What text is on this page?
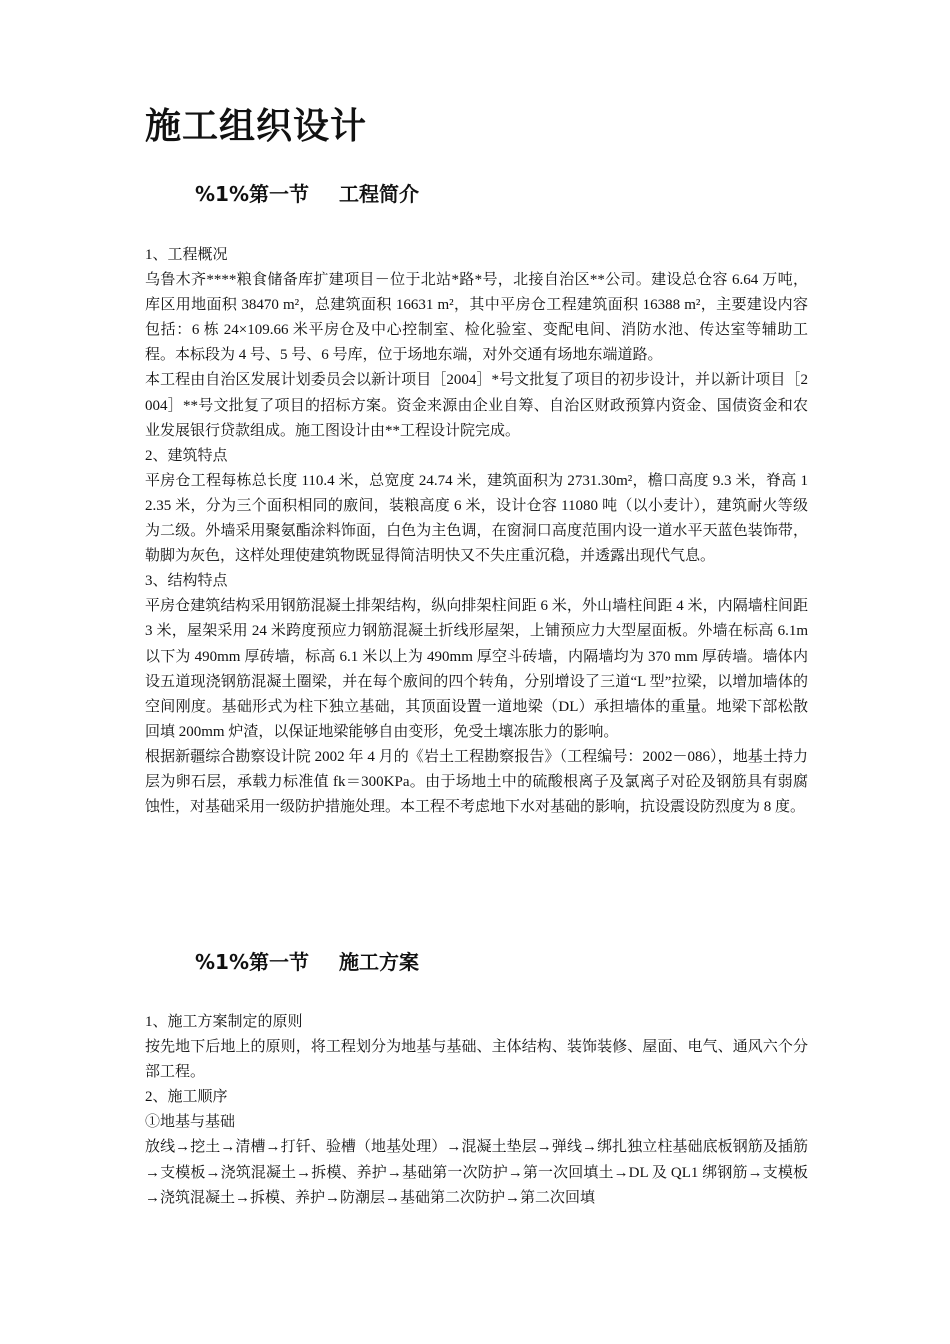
施工组织设计
%1%第一节 工程简介

1、工程概况

乌鲁木齐****粮食储备库扩建项目－位于北站*路*号，北接自治区**公司。建设总仓容 6.64 万吨，库区用地面积 38470 m²，总建筑面积 16631 m²，其中平房仓工程建筑面积 16388 m²，主要建设内容包括：6 栋 24×109.66 米平房仓及中心控制室、检化验室、变配电间、消防水池、传达室等辅助工程。本标段为 4 号、5 号、6 号库，位于场地东端，对外交通有场地东端道路。

本工程由自治区发展计划委员会以新计项目［2004］*号文批复了项目的初步设计，并以新计项目［2004］**号文批复了项目的招标方案。资金来源由企业自筹、自治区财政预算内资金、国债资金和农业发展银行贷款组成。施工图设计由**工程设计院完成。

2、建筑特点

平房仓工程每栋总长度 110.4 米，总宽度 24.74 米，建筑面积为 2731.30m²，檐口高度 9.3 米，脊高 12.35 米，分为三个面积相同的廒间，装粮高度 6 米，设计仓容 11080 吨（以小麦计），建筑耐火等级为二级。外墙采用聚氨酯涂料饰面，白色为主色调，在窗洞口高度范围内设一道水平天蓝色装饰带，勒脚为灰色，这样处理使建筑物既显得简洁明快又不失庄重沉稳，并透露出现代气息。

3、结构特点

平房仓建筑结构采用钢筋混凝土排架结构，纵向排架柱间距 6 米，外山墙柱间距 4 米，内隔墙柱间距 3 米，屋架采用 24 米跨度预应力钢筋混凝土折线形屋架，上铺预应力大型屋面板。外墙在标高 6.1m 以下为 490mm 厚砖墙，标高 6.1 米以上为 490mm 厚空斗砖墙，内隔墙均为 370 mm 厚砖墙。墙体内设五道现浇钢筋混凝土圈梁，并在每个廒间的四个转角，分别增设了三道“L 型”拉梁，以增加墙体的空间刚度。基础形式为柱下独立基础，其顶面设置一道地梁（DL）承担墙体的重量。地梁下部松散回填 200mm 炉渣，以保证地梁能够自由变形，免受土壤冻胀力的影响。

根据新疆综合勘察设计院 2002 年 4 月的《岩土工程勘察报告》（工程编号：2002－086），地基土持力层为卵石层，承载力标准值 fk＝300KPa。由于场地土中的硫酸根离子及氯离子对砼及钢筋具有弱腐蚀性，对基础采用一级防护措施处理。本工程不考虑地下水对基础的影响，抗设震设防烈度为 8 度。

%1%第一节 施工方案

1、施工方案制定的原则

按先地下后地上的原则，将工程划分为地基与基础、主体结构、装饰装修、屋面、电气、通风六个分部工程。

2、施工顺序

①地基与基础

放线→挖土→清槽→打钎、验槽（地基处理）→混凝土垫层→弹线→绑扎独立柱基础底板钢筋及插筋→支模板→浇筑混凝土→拆模、养护→基础第一次防护→第一次回填土→DL 及 QL1 绑钢筋→支模板→浇筑混凝土→拆模、养护→防潮层→基础第二次防护→第二次回填
